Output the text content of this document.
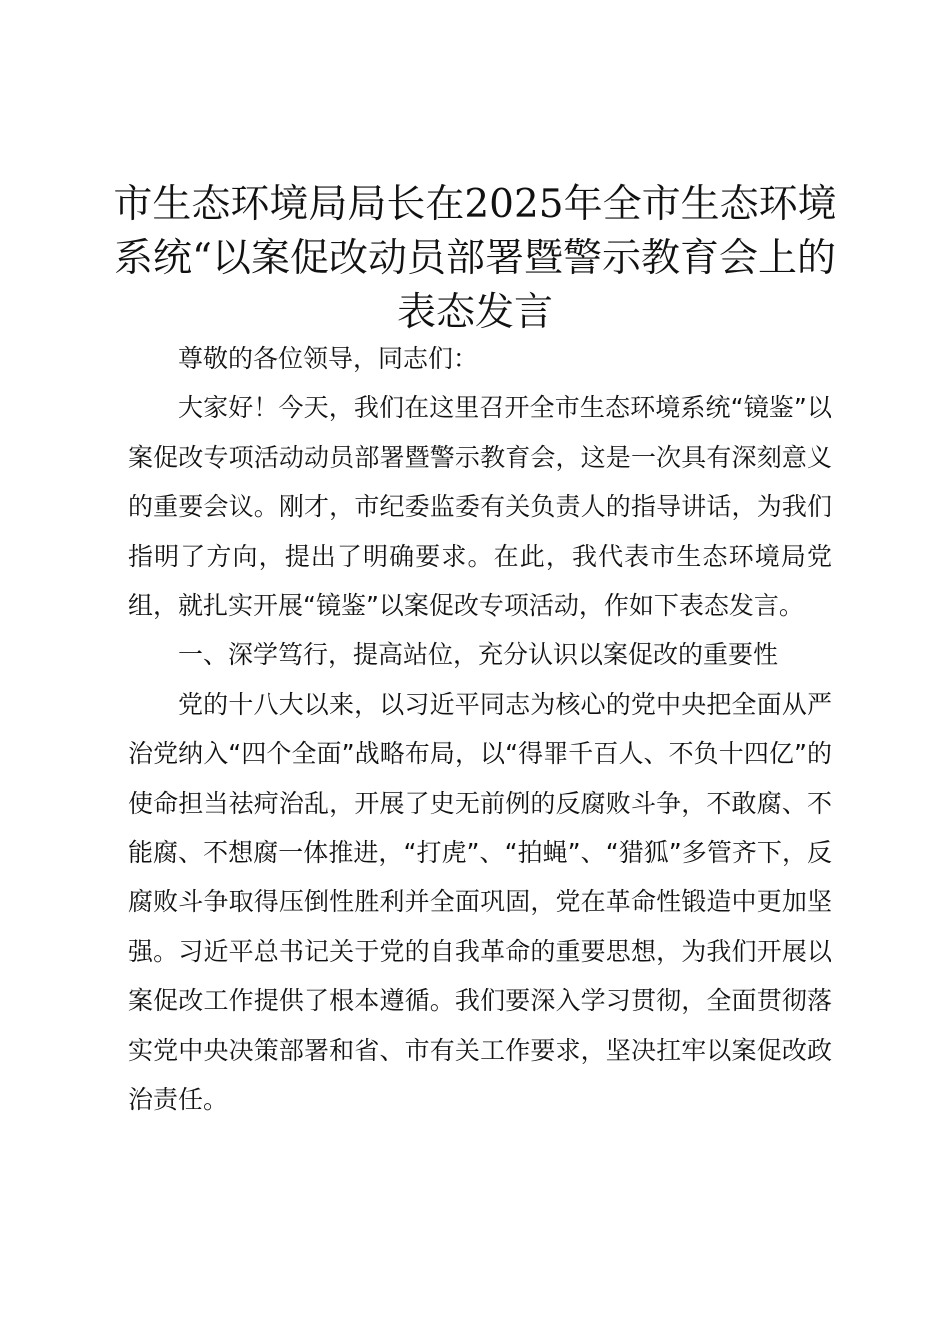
市生态环境局局长在2025年全市生态环境系统“以案促改动员部署暨警示教育会上的表态发言

尊敬的各位领导，同志们：

大家好！今天，我们在这里召开全市生态环境系统“镜鉴”以案促改专项活动动员部署暨警示教育会，这是一次具有深刻意义的重要会议。刚才，市纪委监委有关负责人的指导讲话，为我们指明了方向，提出了明确要求。在此，我代表市生态环境局党组，就扎实开展“镜鉴”以案促改专项活动，作如下表态发言。

一、深学笃行，提高站位，充分认识以案促改的重要性

党的十八大以来，以习近平同志为核心的党中央把全面从严治党纳入“四个全面”战略布局，以“得罪千百人、不负十四亿”的使命担当祛疴治乱，开展了史无前例的反腐败斗争，不敢腐、不能腐、不想腐一体推进，“打虎”、“拍蝇”、“猎狐”多管齐下，反腐败斗争取得压倒性胜利并全面巩固，党在革命性锻造中更加坚强。习近平总书记关于党的自我革命的重要思想，为我们开展以案促改工作提供了根本遵循。我们要深入学习贯彻，全面贯彻落实党中央决策部署和省、市有关工作要求，坚决扛牢以案促改政治责任。
